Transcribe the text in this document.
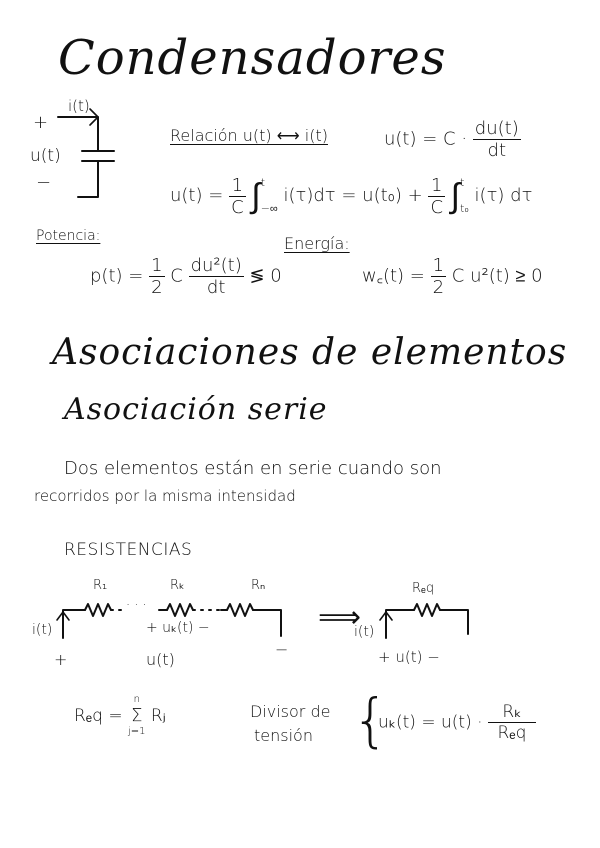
Condensadores
i(t)
+
u(t)
−
Relación u(t) ⟷ i(t)	$u(t) = C \cdot \frac{du(t)}{dt}$
$u(t) = \frac{1}{C}$ ∫ t
−∞
$i(\tau)d\tau = u(t_0) + \frac{1}{C}$ ∫ t
t₀
i(τ) dτ
Potencia:
$p(t) = \frac{1}{2}$ C $\frac{\text{du²(t)}}{dt}$ ≶ 0
Energía:
w꜀(t) = $\frac{1}{2}$ C u²(t) ≥ 0
Asociaciones de elementos
Asociación serie
Dos elementos están en serie cuando son
recorridos por la misma intensidad
RESISTENCIAS
R₁
· · ·
Rₖ	Rₙ
i(t)	+ uₖ(t) −
+	u(t)
−
⟹
Rₑq
i(t)
+ u(t) −
Rₑq =
n
Σ
j=1
Rⱼ	Divisor de
tensión {
$u_k(t) = u(t) \cdot \frac{\text{Rₖ}}{\text{Rₑq}}$
